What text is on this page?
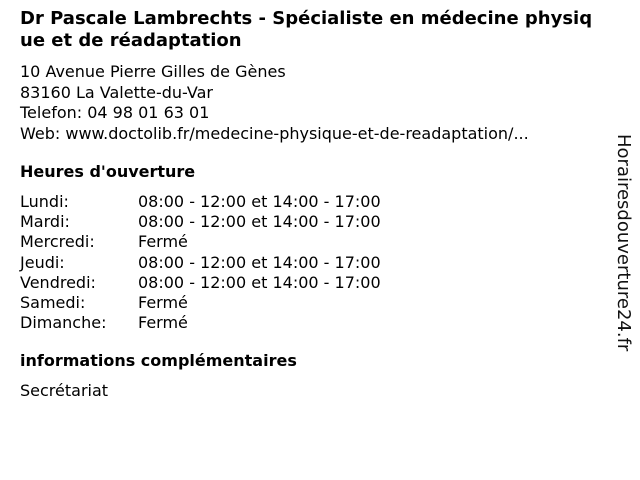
Dr Pascale Lambrechts - Spécialiste en médecine physique et de réadaptation
10 Avenue Pierre Gilles de Gènes
83160 La Valette-du-Var
Telefon: 04 98 01 63 01
Web: www.doctolib.fr/medecine-physique-et-de-readaptation/...
Heures d'ouverture
Lundi:	08:00 - 12:00 et 14:00 - 17:00
Mardi:	08:00 - 12:00 et 14:00 - 17:00
Mercredi:	Fermé
Jeudi:	08:00 - 12:00 et 14:00 - 17:00
Vendredi:	08:00 - 12:00 et 14:00 - 17:00
Samedi:	Fermé
Dimanche:	Fermé
informations complémentaires
Secrétariat
Horairesdouverture24.fr
